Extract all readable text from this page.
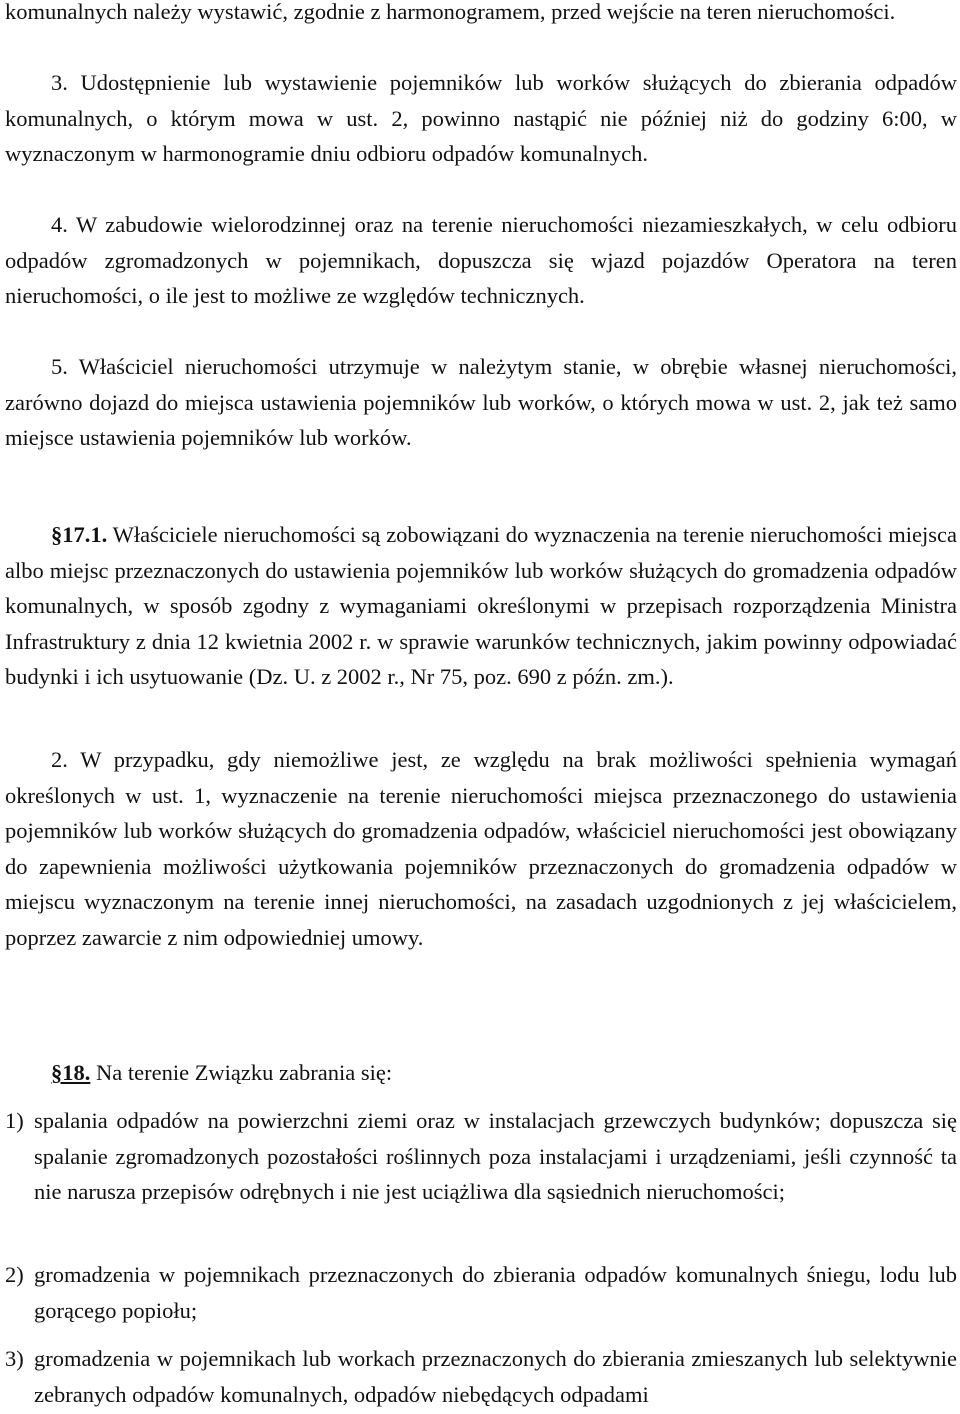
komunalnych należy wystawić, zgodnie z harmonogramem, przed wejście na teren nieruchomości.

3. Udostępnienie lub wystawienie pojemników lub worków służących do zbierania odpadów komunalnych, o którym mowa w ust. 2, powinno nastąpić nie później niż do godziny 6:00, w wyznaczonym w harmonogramie dniu odbioru odpadów komunalnych.

4. W zabudowie wielorodzinnej oraz na terenie nieruchomości niezamieszkałych, w celu odbioru odpadów zgromadzonych w pojemnikach, dopuszcza się wjazd pojazdów Operatora na teren nieruchomości, o ile jest to możliwe ze względów technicznych.

5. Właściciel nieruchomości utrzymuje w należytym stanie, w obrębie własnej nieruchomości, zarówno dojazd do miejsca ustawienia pojemników lub worków, o których mowa w ust. 2, jak też samo miejsce ustawienia pojemników lub worków.

§17.1. Właściciele nieruchomości są zobowiązani do wyznaczenia na terenie nieruchomości miejsca albo miejsc przeznaczonych do ustawienia pojemników lub worków służących do gromadzenia odpadów komunalnych, w sposób zgodny z wymaganiami określonymi w przepisach rozporządzenia Ministra Infrastruktury z dnia 12 kwietnia 2002 r. w sprawie warunków technicznych, jakim powinny odpowiadać budynki i ich usytuowanie (Dz. U. z 2002 r., Nr 75, poz. 690 z późn. zm.).

2. W przypadku, gdy niemożliwe jest, ze względu na brak możliwości spełnienia wymagań określonych w ust. 1, wyznaczenie na terenie nieruchomości miejsca przeznaczonego do ustawienia pojemników lub worków służących do gromadzenia odpadów, właściciel nieruchomości jest obowiązany do zapewnienia możliwości użytkowania pojemników przeznaczonych do gromadzenia odpadów w miejscu wyznaczonym na terenie innej nieruchomości, na zasadach uzgodnionych z jej właścicielem, poprzez zawarcie z nim odpowiedniej umowy.

§18. Na terenie Związku zabrania się:

1) spalania odpadów na powierzchni ziemi oraz w instalacjach grzewczych budynków; dopuszcza się spalanie zgromadzonych pozostałości roślinnych poza instalacjami i urządzeniami, jeśli czynność ta nie narusza przepisów odrębnych i nie jest uciążliwa dla sąsiednich nieruchomości;
2) gromadzenia w pojemnikach przeznaczonych do zbierania odpadów komunalnych śniegu, lodu lub gorącego popiołu;
3) gromadzenia w pojemnikach lub workach przeznaczonych do zbierania zmieszanych lub selektywnie zebranych odpadów komunalnych, odpadów niebędących odpadami
